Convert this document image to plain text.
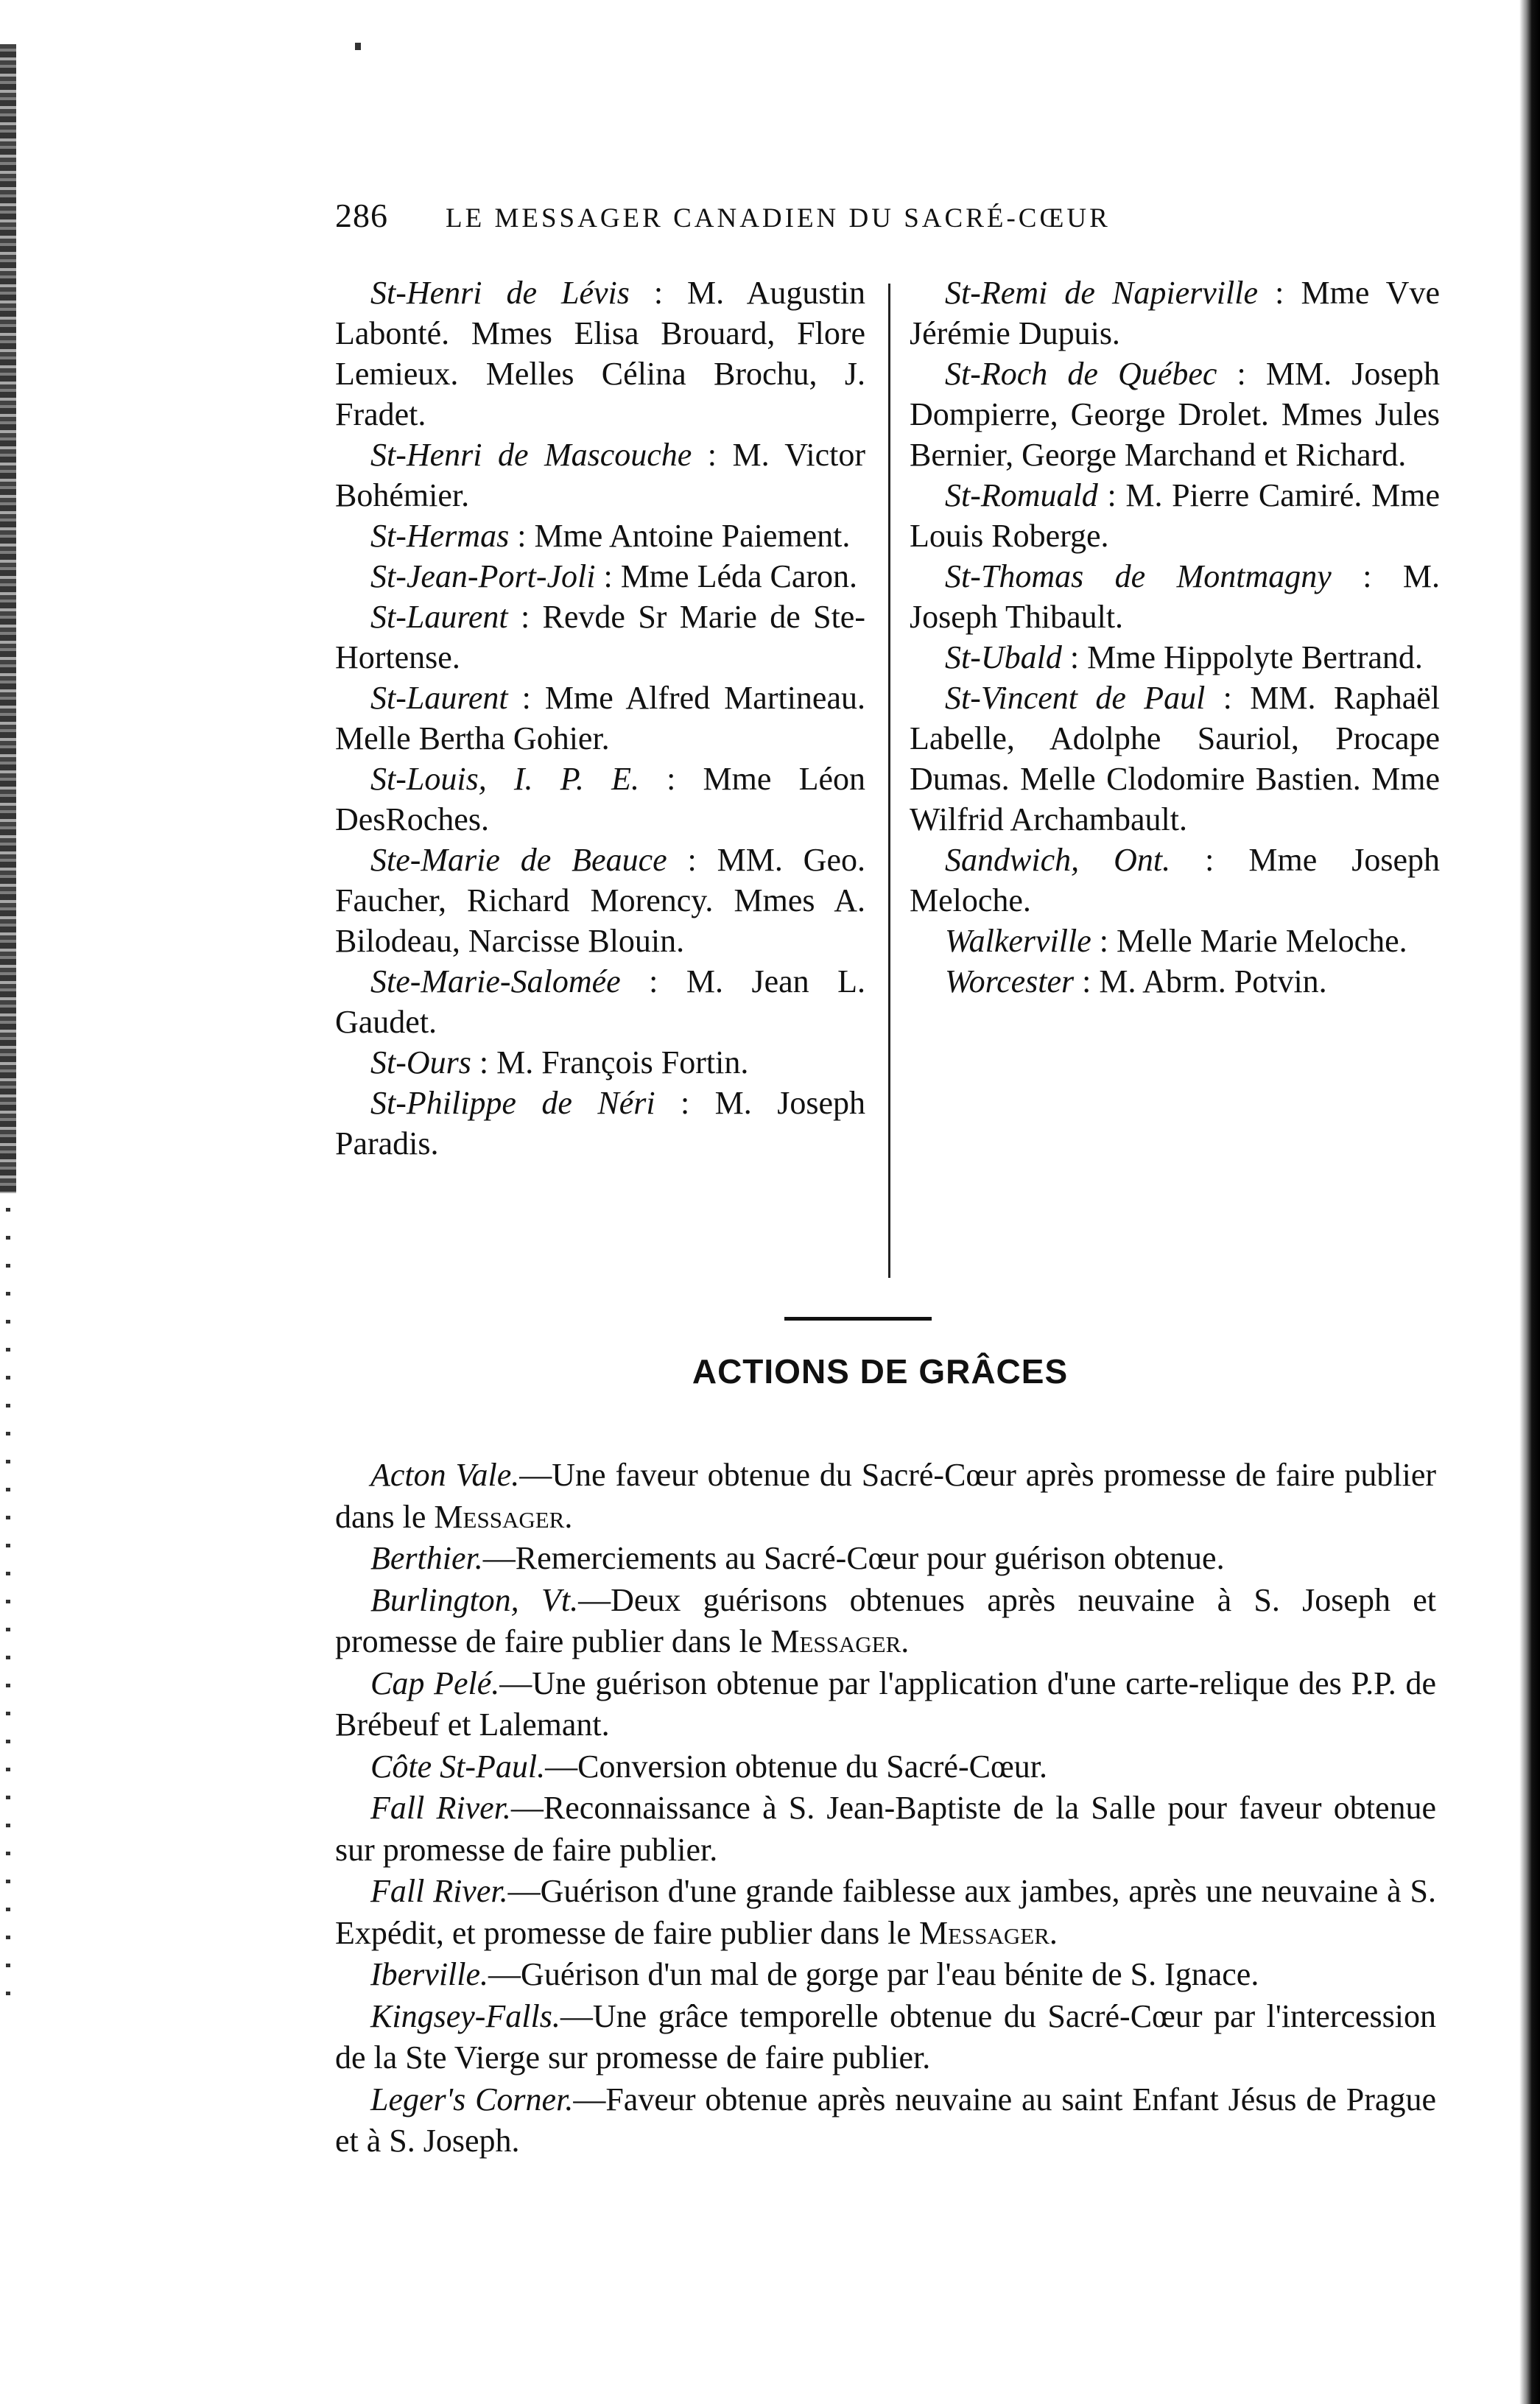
286	LE MESSAGER CANADIEN DU SACRÉ-CŒUR

St-Henri de Lévis : M. Augustin Labonté. Mmes Elisa Brouard, Flore Lemieux. Melles Célina Brochu, J. Fradet.

St-Henri de Mascouche : M. Victor Bohémier.

St-Hermas : Mme Antoine Paiement.

St-Jean-Port-Joli : Mme Léda Caron.

St-Laurent : Revde Sr Marie de Ste-Hortense.

St-Laurent : Mme Alfred Martineau. Melle Bertha Gohier.

St-Louis, I. P. E. : Mme Léon DesRoches.

Ste-Marie de Beauce : MM. Geo. Faucher, Richard Morency. Mmes A. Bilodeau, Narcisse Blouin.

Ste-Marie-Salomée : M. Jean L. Gaudet.

St-Ours : M. François Fortin.

St-Philippe de Néri : M. Joseph Paradis.

St-Remi de Napierville : Mme Vve Jérémie Dupuis.

St-Roch de Québec : MM. Joseph Dompierre, George Drolet. Mmes Jules Bernier, George Marchand et Richard.

St-Romuald : M. Pierre Camiré. Mme Louis Roberge.

St-Thomas de Montmagny : M. Joseph Thibault.

St-Ubald : Mme Hippolyte Bertrand.

St-Vincent de Paul : MM. Raphaël Labelle, Adolphe Sauriol, Procape Dumas. Melle Clodomire Bastien. Mme Wilfrid Archambault.

Sandwich, Ont. : Mme Joseph Meloche.

Walkerville : Melle Marie Meloche.

Worcester : M. Abrm. Potvin.

ACTIONS DE GRÂCES

Acton Vale.—Une faveur obtenue du Sacré-Cœur après promesse de faire publier dans le Messager.

Berthier.—Remerciements au Sacré-Cœur pour guérison obtenue.

Burlington, Vt.—Deux guérisons obtenues après neuvaine à S. Joseph et promesse de faire publier dans le Messager.

Cap Pelé.—Une guérison obtenue par l'application d'une carte-relique des P.P. de Brébeuf et Lalemant.

Côte St-Paul.—Conversion obtenue du Sacré-Cœur.

Fall River.—Reconnaissance à S. Jean-Baptiste de la Salle pour faveur obtenue sur promesse de faire publier.

Fall River.—Guérison d'une grande faiblesse aux jambes, après une neuvaine à S. Expédit, et promesse de faire publier dans le Messager.

Iberville.—Guérison d'un mal de gorge par l'eau bénite de S. Ignace.

Kingsey-Falls.—Une grâce temporelle obtenue du Sacré-Cœur par l'intercession de la Ste Vierge sur promesse de faire publier.

Leger's Corner.—Faveur obtenue après neuvaine au saint Enfant Jésus de Prague et à S. Joseph.
